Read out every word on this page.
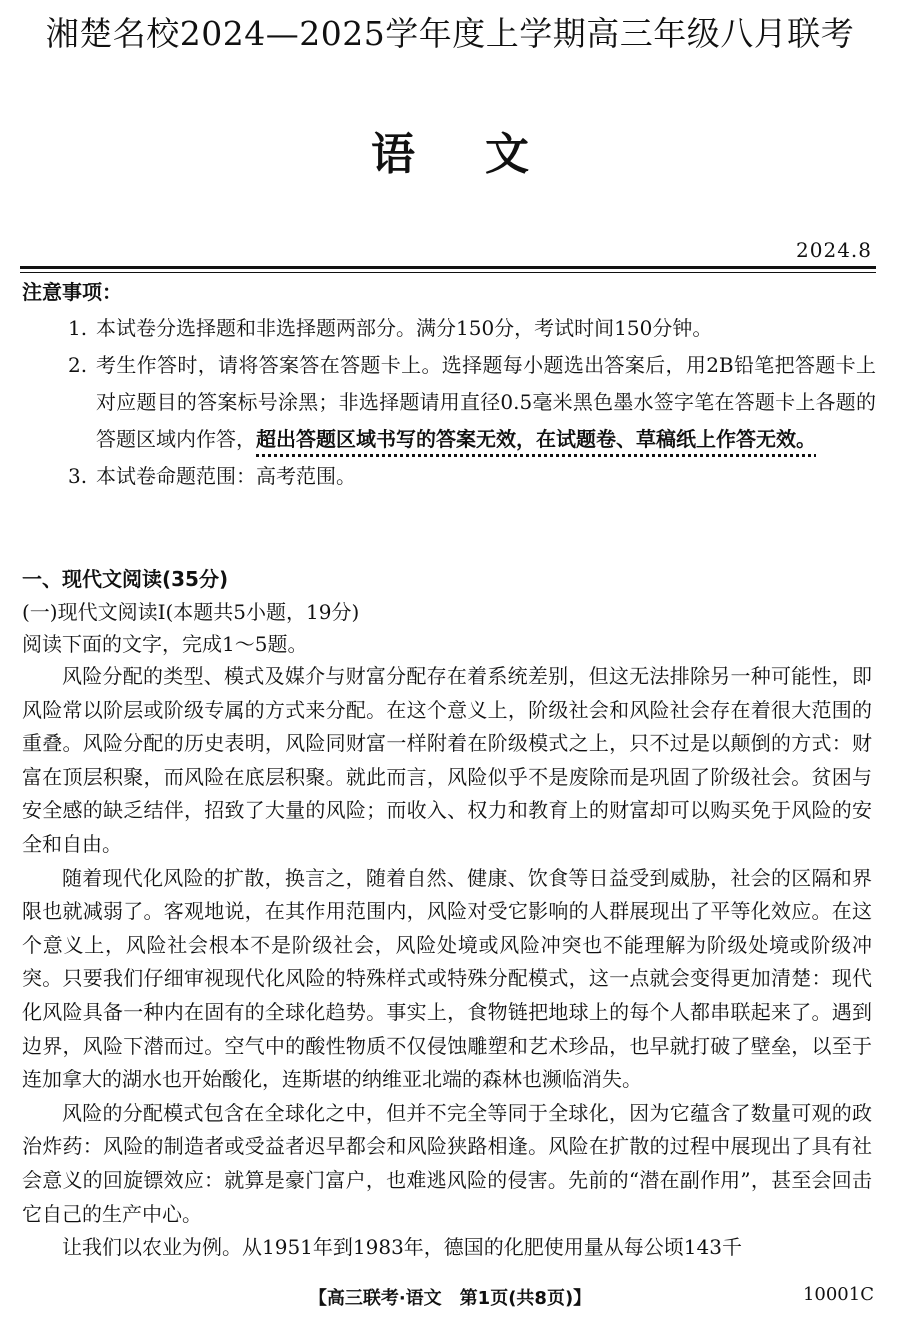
湘楚名校2024—2025学年度上学期高三年级八月联考
语文
2024.8
注意事项：
1. 本试卷分选择题和非选择题两部分。满分150分，考试时间150分钟。
2. 考生作答时，请将答案答在答题卡上。选择题每小题选出答案后，用2B铅笔把答题卡上对应题目的答案标号涂黑；非选择题请用直径0.5毫米黑色墨水签字笔在答题卡上各题的答题区域内作答，超出答题区域书写的答案无效，在试题卷、草稿纸上作答无效。
3. 本试卷命题范围：高考范围。
一、现代文阅读(35分)
(一)现代文阅读Ⅰ(本题共5小题，19分)
阅读下面的文字，完成1～5题。

风险分配的类型、模式及媒介与财富分配存在着系统差别，但这无法排除另一种可能性，即风险常以阶层或阶级专属的方式来分配。在这个意义上，阶级社会和风险社会存在着很大范围的重叠。风险分配的历史表明，风险同财富一样附着在阶级模式之上，只不过是以颠倒的方式：财富在顶层积聚，而风险在底层积聚。就此而言，风险似乎不是废除而是巩固了阶级社会。贫困与安全感的缺乏结伴，招致了大量的风险；而收入、权力和教育上的财富却可以购买免于风险的安全和自由。

随着现代化风险的扩散，换言之，随着自然、健康、饮食等日益受到威胁，社会的区隔和界限也就减弱了。客观地说，在其作用范围内，风险对受它影响的人群展现出了平等化效应。在这个意义上，风险社会根本不是阶级社会，风险处境或风险冲突也不能理解为阶级处境或阶级冲突。只要我们仔细审视现代化风险的特殊样式或特殊分配模式，这一点就会变得更加清楚：现代化风险具备一种内在固有的全球化趋势。事实上，食物链把地球上的每个人都串联起来了。遇到边界，风险下潜而过。空气中的酸性物质不仅侵蚀雕塑和艺术珍品，也早就打破了壁垒，以至于连加拿大的湖水也开始酸化，连斯堪的纳维亚北端的森林也濒临消失。

风险的分配模式包含在全球化之中，但并不完全等同于全球化，因为它蕴含了数量可观的政治炸药：风险的制造者或受益者迟早都会和风险狭路相逢。风险在扩散的过程中展现出了具有社会意义的回旋镖效应：就算是豪门富户，也难逃风险的侵害。先前的“潜在副作用”，甚至会回击它自己的生产中心。

让我们以农业为例。从1951年到1983年，德国的化肥使用量从每公顷143千

【高三联考·语文　第1页(共8页)】	10001C
